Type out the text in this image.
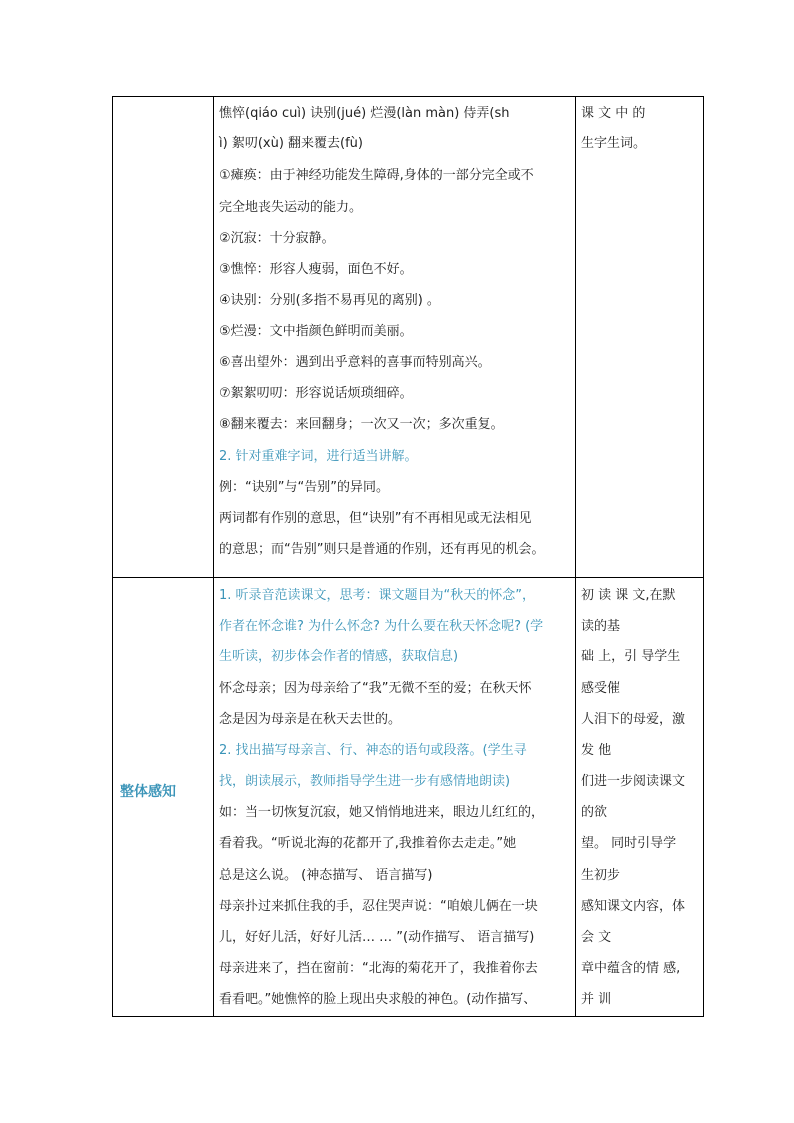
憔悴(qiáo cuì) 诀别(jué) 烂漫(làn màn) 侍弄(sh
ì) 絮叨(xù) 翻来覆去(fù)
①瘫痪：由于神经功能发生障碍,身体的一部分完全或不
完全地丧失运动的能力。
②沉寂：十分寂静。
③憔悴：形容人瘦弱，面色不好。
④诀别：分别(多指不易再见的离别) 。
⑤烂漫：文中指颜色鲜明而美丽。
⑥喜出望外：遇到出乎意料的喜事而特别高兴。
⑦絮絮叨叨：形容说话烦琐细碎。
⑧翻来覆去：来回翻身；一次又一次；多次重复。
2. 针对重难字词，进行适当讲解。
例：“诀别”与“告别”的异同。
两词都有作别的意思，但“诀别”有不再相见或无法相见
的意思；而“告别”则只是普通的作别，还有再见的机会。
课 文 中 的
生字生词。
整体感知
1. 听录音范读课文，思考：课文题目为“秋天的怀念”，
作者在怀念谁? 为什么怀念? 为什么要在秋天怀念呢? (学
生听读，初步体会作者的情感，获取信息)
怀念母亲；因为母亲给了“我”无微不至的爱；在秋天怀
念是因为母亲是在秋天去世的。
2. 找出描写母亲言、行、神态的语句或段落。(学生寻
找，朗读展示，教师指导学生进一步有感情地朗读)
如：当一切恢复沉寂，她又悄悄地进来，眼边儿红红的，
看着我。“听说北海的花都开了,我推着你去走走。”她
总是这么说。 (神态描写、 语言描写)
母亲扑过来抓住我的手，忍住哭声说：“咱娘儿俩在一块
儿，好好儿活，好好儿活… … ”(动作描写、 语言描写)
母亲进来了，挡在窗前：“北海的菊花开了，我推着你去
看看吧。”她憔悴的脸上现出央求般的神色。(动作描写、
初 读 课 文,在默
读的基
础 上，引 导学生
感受催
人泪下的母爱，激
发 他
们进一步阅读课文
的欲
望。 同时引导学
生初步
感知课文内容，体
会 文
章中蕴含的情 感,
并 训
